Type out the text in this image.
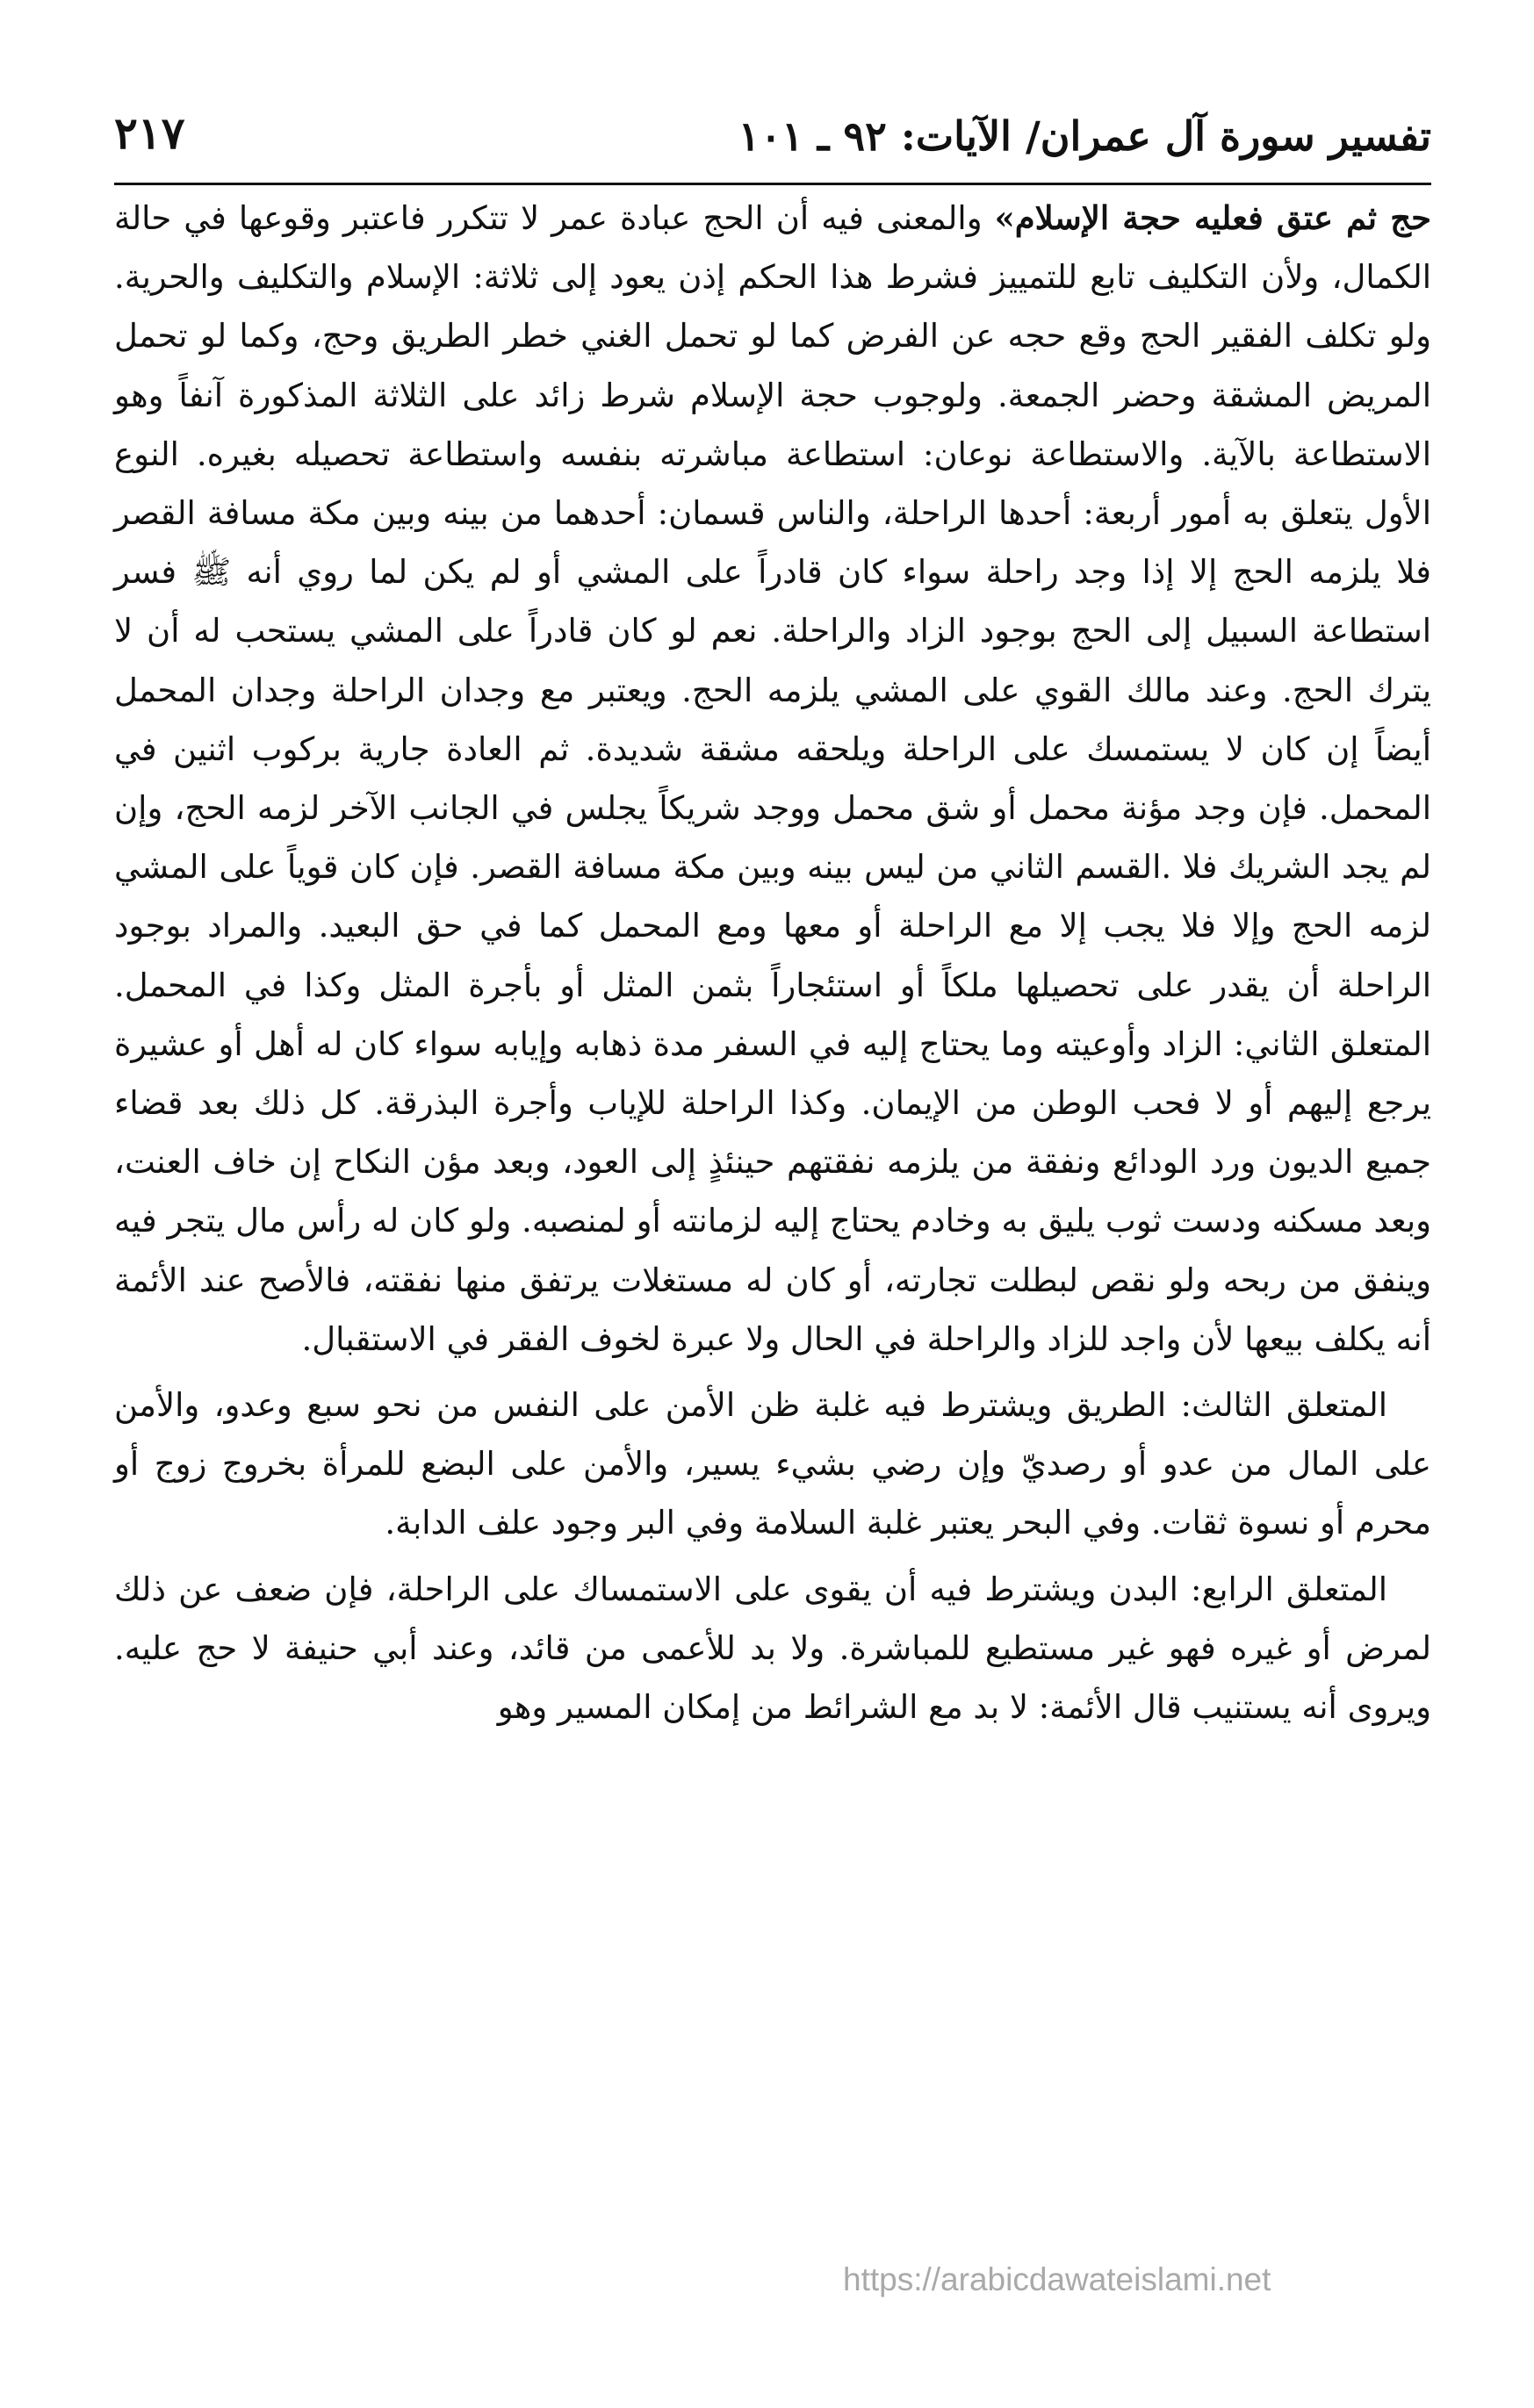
تفسير سورة آل عمران/ الآيات: ٩٢ ـ ١٠١
٢١٧

حج ثم عتق فعليه حجة الإسلام» والمعنى فيه أن الحج عبادة عمر لا تتكرر فاعتبر وقوعها في حالة الكمال، ولأن التكليف تابع للتمييز فشرط هذا الحكم إذن يعود إلى ثلاثة: الإسلام والتكليف والحرية. ولو تكلف الفقير الحج وقع حجه عن الفرض كما لو تحمل الغني خطر الطريق وحج، وكما لو تحمل المريض المشقة وحضر الجمعة. ولوجوب حجة الإسلام شرط زائد على الثلاثة المذكورة آنفاً وهو الاستطاعة بالآية. والاستطاعة نوعان: استطاعة مباشرته بنفسه واستطاعة تحصيله بغيره. النوع الأول يتعلق به أمور أربعة: أحدها الراحلة، والناس قسمان: أحدهما من بينه وبين مكة مسافة القصر فلا يلزمه الحج إلا إذا وجد راحلة سواء كان قادراً على المشي أو لم يكن لما روي أنه ﷺ فسر استطاعة السبيل إلى الحج بوجود الزاد والراحلة. نعم لو كان قادراً على المشي يستحب له أن لا يترك الحج. وعند مالك القوي على المشي يلزمه الحج. ويعتبر مع وجدان الراحلة وجدان المحمل أيضاً إن كان لا يستمسك على الراحلة ويلحقه مشقة شديدة. ثم العادة جارية بركوب اثنين في المحمل. فإن وجد مؤنة محمل أو شق محمل ووجد شريكاً يجلس في الجانب الآخر لزمه الحج، وإن لم يجد الشريك فلا .القسم الثاني من ليس بينه وبين مكة مسافة القصر. فإن كان قوياً على المشي لزمه الحج وإلا فلا يجب إلا مع الراحلة أو معها ومع المحمل كما في حق البعيد. والمراد بوجود الراحلة أن يقدر على تحصيلها ملكاً أو استئجاراً بثمن المثل أو بأجرة المثل وكذا في المحمل. المتعلق الثاني: الزاد وأوعيته وما يحتاج إليه في السفر مدة ذهابه وإيابه سواء كان له أهل أو عشيرة يرجع إليهم أو لا فحب الوطن من الإيمان. وكذا الراحلة للإياب وأجرة البذرقة. كل ذلك بعد قضاء جميع الديون ورد الودائع ونفقة من يلزمه نفقتهم حينئذٍ إلى العود، وبعد مؤن النكاح إن خاف العنت، وبعد مسكنه ودست ثوب يليق به وخادم يحتاج إليه لزمانته أو لمنصبه. ولو كان له رأس مال يتجر فيه وينفق من ربحه ولو نقص لبطلت تجارته، أو كان له مستغلات يرتفق منها نفقته، فالأصح عند الأئمة أنه يكلف بيعها لأن واجد للزاد والراحلة في الحال ولا عبرة لخوف الفقر في الاستقبال.

المتعلق الثالث: الطريق ويشترط فيه غلبة ظن الأمن على النفس من نحو سبع وعدو، والأمن على المال من عدو أو رصديّ وإن رضي بشيء يسير، والأمن على البضع للمرأة بخروج زوج أو محرم أو نسوة ثقات. وفي البحر يعتبر غلبة السلامة وفي البر وجود علف الدابة.

المتعلق الرابع: البدن ويشترط فيه أن يقوى على الاستمساك على الراحلة، فإن ضعف عن ذلك لمرض أو غيره فهو غير مستطيع للمباشرة. ولا بد للأعمى من قائد، وعند أبي حنيفة لا حج عليه. ويروى أنه يستنيب قال الأئمة: لا بد مع الشرائط من إمكان المسير وهو

https://arabicdawateislami.net
